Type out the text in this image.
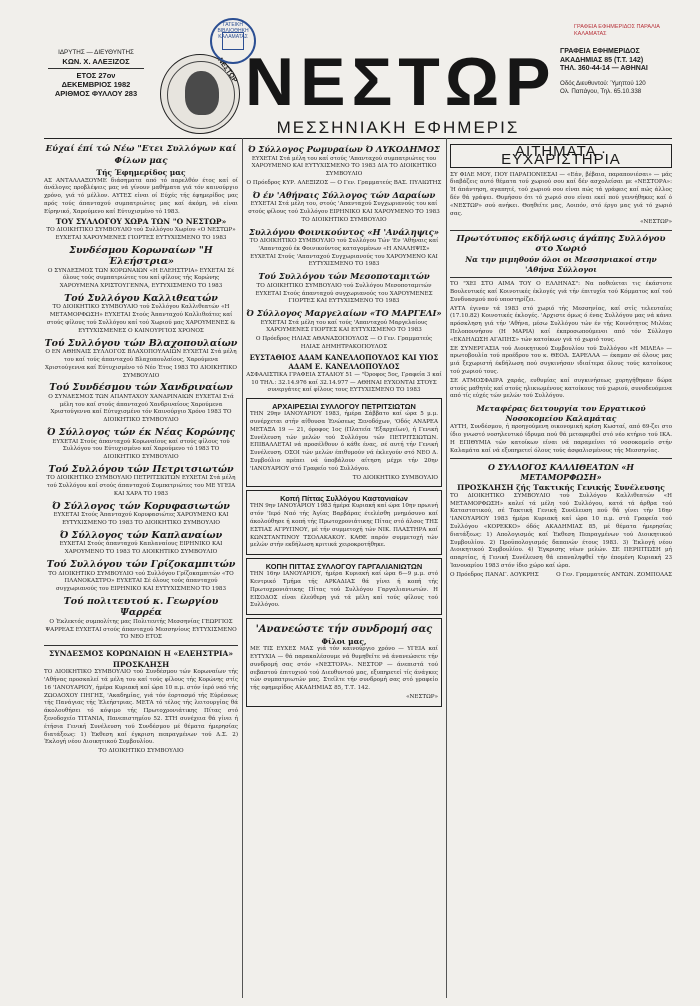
ΙΔΡΥΤΗΣ — ΔΙΕΥΘΥΝΤΗΣ
ΚΩΝ. Χ. ΑΛΕΞΙΖΟΣ
ΕΤΟΣ 27ον
ΔΕΚΕΜΒΡΙΟΣ 1982
ΑΡΙΘΜΟΣ ΦΥΛΛΟΥ 283
ΝΕΣΤΩΡ
ΓΑΤΕΙΚΗ ΒΙΒΛΙΟΘΗΚΗ ΚΑΛΑΜΑΤΑΣ
ΝΕΣΤΩΡ
ΜΕΣΣΗΝΙΑΚΗ ΕΦΗΜΕΡΙΣ
ΓΡΑΦΕΙΑ ΕΦΗΜΕΡΙΔΟΣ ΠΑΡΑΛΙΑ ΚΑΛΑΜΑΤΑΣ
ΓΡΑΦΕΙΑ ΕΦΗΜΕΡΙΔΟΣ
ΑΚΑΔΗΜΙΑΣ 85 (Τ.Τ. 142)
ΤΗΛ. 360-44-14 — ΑΘΗΝΑΙ
Οδός Διευθυντού: Ύμηττού 120
Ολ. Παπάγου, Τηλ. 65.10.338
Εύχαί έπί τώ Νέω "Ετει Συλλόγων καί Φίλων μας
Τής Έφημερίδος μας

ΑΣ ΑΝΤΑΛΛΑΞΟΥΜΕ διάσηματα από τό παρελθόν έτος καί οί άνάλογες προβλέψεις μας νά γίνουν μαθήματα γιά τόν καινούργιο χρόνο, γιά τό μέλλον. ΑΥΤΕΣ είναι οί Εύχές τής έφημερίδος μας πρός τούς άπανταχού συμπατριώτες μας καί άκόμη, νά είναι Είρηνικό, Χαρούμενο καί Εύτυχισμένο τό 1983.

ΤΟΥ ΣΥΛΛΟΓΟΥ ΧΩΡΑ ΤΩΝ "Ο ΝΕΣΤΩΡ»

ΤΟ ΔΙΟΙΚΗΤΙΚΟ ΣΥΜΒΟΥΛΙΟ τού Συλλόγου Χωρίου «Ο ΝΕΣΤΩΡ» ΕΥΧΕΤΑΙ ΧΑΡΟΥΜΕΝΕΣ ΓΙΟΡΤΕΣ ΕΥΤΥΧΙΣΜΕΝΟ ΤΟ 1983

Συνδέσμου Κορωναίων "Η Έλεήστρια»

Ο ΣΥΝΔΕΣΜΟΣ ΤΩΝ ΚΟΡΩΝΑΙΩΝ «Η ΕΛΕΗΣΤΡΙΑ» ΕΥΧΕΤΑΙ Σέ όλους τούς συμπατριώτες του καί φίλους τής Κορώνης ΧΑΡΟΥΜΕΝΑ ΧΡΙΣΤΟΥΓΕΝΝΑ, ΕΥΤΥΧΙΣΜΕΝΟ ΤΟ 1983

Τού Συλλόγου Καλλιθεατών

ΤΟ ΔΙΟΙΚΗΤΙΚΟ ΣΥΜΒΟΥΛΙΟ τού Συλλόγου Καλλιθεατών «Η ΜΕΤΑΜΟΡΦΩΣΗ» ΕΥΧΕΤΑΙ Στούς Άπανταχού Καλλιθεάτες καί στούς φίλους τού Συλλόγου καί τού Χωριού μας ΧΑΡΟΥΜΕΝΕΣ & ΕΥΤΥΧΙΣΜΕΝΕΣ Ο ΚΑΙΝΟΥΡΓΙΟΣ ΧΡΟΝΟΣ

Τού Συλλόγου τών Βλαχοπουλαίων

Ο ΕΝ ΑΘΗΝΑΙΣ ΣΥΛΛΟΓΟΣ ΒΛΑΧΟΠΟΥΛΑΙΩΝ ΕΥΧΕΤΑΙ Στά μέλη του καί τούς άπανταχού Βλαχοπουλαίους, Χαρούμενα Χριστούγεννα καί Εύτυχισμένο τό Νέο Έτος 1983 ΤΟ ΔΙΟΙΚΗΤΙΚΟ ΣΥΜΒΟΥΛΙΟ

Τού Συνδέσμου τών Χανδριναίων

Ο ΣΥΝΔΕΣΜΟΣ ΤΩΝ ΑΠΑΝΤΑΧΟΥ ΧΑΝΔΡΙΝΑΙΩΝ ΕΥΧΕΤΑΙ Στά μέλη του καί στούς άπανταχού Χανδριναίους Χαρούμενα Χριστούγεννα καί Εύτυχισμένο τόν Καινούργιο Χρόνο 1983 ΤΟ ΔΙΟΙΚΗΤΙΚΟ ΣΥΜΒΟΥΛΙΟ

Ό Σύλλογος τών έκ Νέας Κορώνης

ΕΥΧΕΤΑΙ Στούς άπανταχού Κορωναίους καί στούς φίλους τού Συλλόγου του Εύτυχισμένο καί Χαρούμενο τό 1983 ΤΟ ΔΙΟΙΚΗΤΙΚΟ ΣΥΜΒΟΥΛΙΟ

Τού Συλλόγου τών Πετριτσιωτών

ΤΟ ΔΙΟΙΚΗΤΙΚΟ ΣΥΜΒΟΥΛΙΟ ΠΕΤΡΙΤΣΙΩΤΩΝ ΕΥΧΕΤΑΙ Στά μέλη τού Συλλόγου καί στούς άπανταχού Συμπατριώτες του ΜΕ ΥΓΕΙΑ ΚΑΙ ΧΑΡΑ ΤΟ 1983

Ό Σύλλογος τών Κορυφασιωτών

ΕΥΧΕΤΑΙ Στούς Άπανταχού Κορυφασιώτες ΧΑΡΟΥΜΕΝΟ ΚΑΙ ΕΥΤΥΧΙΣΜΕΝΟ ΤΟ 1983 ΤΟ ΔΙΟΙΚΗΤΙΚΟ ΣΥΜΒΟΥΛΙΟ

Ό Σύλλογος τών Καπλαναίων

ΕΥΧΕΤΑΙ Στούς άπανταχού Καπλαναίους ΕΙΡΗΝΙΚΟ ΚΑΙ ΧΑΡΟΥΜΕΝΟ ΤΟ 1983 ΤΟ ΔΙΟΙΚΗΤΙΚΟ ΣΥΜΒΟΥΛΙΟ

Τού Συλλόγου τών Γρίζοκαμπιτών

ΤΟ ΔΙΟΙΚΗΤΙΚΟ ΣΥΜΒΟΥΛΙΟ τού Συλλόγου Γρίζοκαμπιτών «ΤΟ ΠΛΑΝΟΚΑΣΤΡΟ» ΕΥΧΕΤΑΙ Σέ όλους τούς άπανταχού συγχωριανούς του ΕΙΡΗΝΙΚΟ ΚΑΙ ΕΥΤΥΧΙΣΜΕΝΟ ΤΟ 1983

Τού πολιτευτού κ. Γεωργίου Ψαρρέα

Ο Έκλεκτός συμπολίτης μας Πολιτευτής Μεσσηνίας ΓΕΩΡΓΙΟΣ ΨΑΡΡΕΑΣ ΕΥΧΕΤΑΙ στούς άπανταχού Μεσσηνίους ΕΥΤΥΧΙΣΜΕΝΟ ΤΟ ΝΕΟ ΕΤΟΣ

ΣΥΝΔΕΣΜΟΣ ΚΟΡΩΝΑΙΩΝ Η «ΕΛΕΗΣΤΡΙΑ»
ΠΡΟΣΚΛΗΣΗ

ΤΟ ΔΙΟΙΚΗΤΙΚΟ ΣΥΜΒΟΥΛΙΟ τού Συνδέσμου τών Κορωναίων τής 'Αθήνας προσκαλεί τά μέλη του καί τούς φίλους τής Κορώνης στίς 16 'ΙΑΝΟΥΑΡΙΟΥ, ήμέρα Κυριακή καί ώρα 10 π.μ. στόν ίερό ναό τής ΖΩΟΔΟΧΟΥ ΠΗΓΗΣ, 'Ακαδημίας, γιά τόν έορτασμό τής Εύρέσεως τής Πανάγιας τής Έλεήστριας. ΜΕΤΑ τό τέλος τής λειτουργίας θά άκολουθήσει τό κόψιμο τής Πρωτοχρονιάτικης Πίτας στό ξενοδοχείο ΤΙΤΑΝΙΑ, Πανεπιστημίου 52. ΣΤΗ συνέχεια θά γίνει ή έτήσια Γενική Συνέλευση τού Συνδέσμου μέ θέματα ήμερησίας διατάξεως: 1) Έκθεση καί έγκριση πεπραγμένων τού Δ.Σ. 2) Έκλογή νέου Διοικητικού Συμβουλίου.

ΤΟ ΔΙΟΙΚΗΤΙΚΟ ΣΥΜΒΟΥΛΙΟ

Ό Σύλλογος Ρωμυραίων Ό ΛΥΚΟΔΗΜΟΣ

ΕΥΧΕΤΑΙ Στά μέλη του καί στούς 'Απανταχού συμπατριώτες του ΧΑΡΟΥΜΕΝΟ ΚΑΙ ΕΥΤΥΧΙΣΜΕΝΟ ΤΟ 1983 ΔΙΑ ΤΟ ΔΙΟΙΚΗΤΙΚΟ ΣΥΜΒΟΥΛΙΟ

Ο Πρόεδρος ΚΥΡ. ΑΛΕΞΙΖΟΣ — Ο Γεν. Γραμματεύς ΒΑΣ. ΠΥΛΙΩΤΗΣ

Ό έν 'Αθήναις Σύλλογος τών Δαραίων

ΕΥΧΕΤΑΙ Στά μέλη του, στούς 'Απανταχού Συγχωριανούς του καί στούς φίλους τού Συλλόγου ΕΙΡΗΝΙΚΟ ΚΑΙ ΧΑΡΟΥΜΕΝΟ ΤΟ 1983 ΤΟ ΔΙΟΙΚΗΤΙΚΟ ΣΥΜΒΟΥΛΙΟ

Συλλόγου Φοινικούντος «Η 'Ανάληψις»

ΤΟ ΔΙΟΙΚΗΤΙΚΟ ΣΥΜΒΟΥΛΙΟ τού Συλλόγου Τών 'Εν 'Αθήναις καί 'Απανταχού έκ Φοινικούντος καταγομένων «Η ΑΝΑΛΗΨΙΣ» ΕΥΧΕΤΑΙ Στούς 'Απανταχού Συγχωριανούς του ΧΑΡΟΥΜΕΝΟ ΚΑΙ ΕΥΤΥΧΙΣΜΕΝΟ ΤΟ 1983

Τού Συλλόγου τών Μεσοποταμιτών

ΤΟ ΔΙΟΙΚΗΤΙΚΟ ΣΥΜΒΟΥΛΙΟ τού Συλλόγου Μεσοποταμιτών ΕΥΧΕΤΑΙ Στούς άπανταχού συγχωριανούς του ΧΑΡΟΥΜΕΝΕΣ ΓΙΟΡΤΕΣ ΚΑΙ ΕΥΤΥΧΙΣΜΕΝΟ ΤΟ 1983

Ό Σύλλογος Μαργελαίων «ΤΟ ΜΑΡΓΕΛΙ»

ΕΥΧΕΤΑΙ Στά μέλη του καί τούς 'Απανταχού Μαργελαίους ΧΑΡΟΥΜΕΝΕΣ ΓΙΟΡΤΕΣ ΚΑΙ ΕΥΤΥΧΙΣΜΕΝΟ ΤΟ 1983

Ο Πρόεδρος ΗΛΙΑΣ ΑΘΑΝΑΣΟΠΟΥΛΟΣ — Ο Γεν. Γραμματεύς ΗΛΙΑΣ ΔΗΜΗΤΡΑΚΟΠΟΥΛΟΣ

ΕΥΣΤΑΘΙΟΣ ΑΔΑΜ ΚΑΝΕΛΛΟΠΟΥΛΟΣ ΚΑΙ ΥΙΟΣ ΑΔΑΜ Ε. ΚΑΝΕΛΛΟΠΟΥΛΟΣ

ΑΣΦΑΛΙΣΤΙΚΑ ΓΡΑΦΕΙΑ ΣΤΑΔΙΟΥ 51 — "Όροφος 5ος, Γραφεία 3 καί 10 ΤΗΛ.: 32.14.976 καί 32.14.977 — ΑΘΗΝΑΙ ΕΥΧΟΝΤΑΙ ΣΤΟΥΣ συνεργάτες καί φίλους τους ΕΥΤΥΧΙΣΜΕΝΟ ΤΟ 1983

ΑΡΧΑΙΡΕΣΙΑΙ ΣΥΛΛΟΓΟΥ ΠΕΤΡΙΤΣΙΩΤΩΝ

ΤΗΝ 29ην ΙΑΝΟΥΑΡΙΟΥ 1983, ήμέρα Σάββατο καί ώρα 5 μ.μ. συνέρχεται στήν αίθουσα Ένώσεως Ξενοδόχων, 'Οδός ΑΝΔΡΕΑ ΜΕΤΑΞΑ 19 — 21, όροφος 1ος (Πλατεία 'Εξαρχείων), ή Γενική Συνέλευση τών μελών τού Συλλόγου τών ΠΕΤΡΙΤΣΙΩΤΩΝ. ΕΠΙΒΑΛΛΕΤΑΙ νά προσέλθουν ό κάθε ένας, σέ αυτή τήν Γενική Συνέλευση. ΟΣΟΙ τών μελών έπιθυμούν νά έκλεγούν στό ΝΕΟ Δ. Συμβούλιο πρέπει νά ύποβάλουν αίτηση μέχρι τήν 20ην 'ΙΑΝΟΥΑΡΙΟΥ στό Γραφείο τού Συλλόγου.

ΤΟ ΔΙΟΙΚΗΤΙΚΟ ΣΥΜΒΟΥΛΙΟ

Κοπή Πίττας Συλλόγου Καστανιαίων

ΤΗΝ 9ην ΙΑΝΟΥΑΡΙΟΥ 1983 ήμέρα Κυριακή καί ώρα 10ην πρωινή στόν 'Ιερό Ναό τής Άγίας Βαρβάρας έτελέσθη μνημόσυνο καί άκολούθησε ή κοπή τής Πρωτοχρονιάτικης Πίτας στό άλσος ΤΗΣ ΕΣΤΙΑΣ ΑΓΡΥΠΝΟΥ, μέ τήν συμμετοχή τών ΝΙΚ. ΠΛΑΣΤΗΡΑ καί ΚΩΝΣΤΑΝΤΙΝΟΥ ΤΣΟΛΑΚΑΚΟΥ. ΚΑΘΕ παρόν συμμετοχή τών μελών στήν εκδήλωση κριτικά χειροκροτήθηκε.

ΚΟΠΗ ΠΙΤΤΑΣ ΣΥΛΛΟΓΟΥ ΓΑΡΓΑΛΙΑΝΙΩΤΩΝ

ΤΗΝ 16ην ΙΑΝΟΥΑΡΙΟΥ, ήμέρα Κυριακή καί ώρα 6—9 μ.μ. στό Κεντρικό Τμήμα τής ΑΡΚΑΔΙΑΣ θά γίνει ή κοπή τής Πρωτοχρονιάτικης Πίτας τού Συλλόγου Γαργαλιανιωτών. Η ΕΙΣΟΔΟΣ είναι έλεύθερη γιά τά μέλη καί τούς φίλους τού Συλλόγου.

'Ανανεώστε τήν συνδρομή σας
Φίλοι μας,

ΜΕ ΤΙΣ ΕΥΧΕΣ ΜΑΣ γιά τόν καινούργιο χρόνο — ΥΓΕΙΑ καί ΕΥΤΥΧΙΑ — θά παρακαλέσουμε νά θυμηθείτε νά άνανεώσετε τήν συνδρομή σας στόν «ΝΕΣΤΟΡΑ». ΝΕΣΤΟΡ — άνεπιστά τού σεβαστού έπιτυχιού τού Διευθυντού μας, εξυπηρετεί τίς άνάγκες τών συμπατριωτών μας. Στείλτε τήν συνδρομή σας στό γραφείο τής εφημερίδος ΑΚΑΔΗΜΙΑΣ 85, Τ.Τ. 142.

«ΝΕΣΤΩΡ»

ΑΙΤΗΜΑΤΑ · ΕΥΧΑΡΙΣΤΗΡΙΑ

ΣΥ ΦΙΛΕ ΜΟΥ, ΠΟΥ ΠΑΡΑΠΟΝΙΕΣΑΙ — «Εάν, βέβαια, παραπονιέσαι» — μάς διαβάζεις αυτό θέματα τού χωριού σου καί δέν ασχολείσαι με «ΝΕΣΤΟΡΑ»: Ή άπάντηση, αγαπητέ, τού χωριού σου είναι πώς τά γράφεις καί πώς άλλος δέν θά γράψει. Θυμήσου ότι τό χωριό σου είναι εκεί πού γεννήθηκες καί ό «ΝΕΣΤΩΡ» σού ανήκει. Θοηθείτε μας, Λοιπόν, στό έργο μας γιά τό χωριό σας.

«ΝΕΣΤΩΡ»

Πρωτότυπος εκδήλωσις άγάπης Συλλόγου στο Χωριό
Να την μιμηθούν όλοι οι Μεσσηνιακοί στην 'Αθήνα Σύλλογοι

ΤΟ "ΧΕΙ ΣΤΟ ΑΙΜΑ ΤΟΥ Ο ΕΛΛΗΝΑΣ": Να ποθεύεται τις έκάστοτε Βουλευτικές καί Κοινοτικές έκλογές γιά τήν έπιτυχία τού Κόμματος καί τού Συνδυασμού πού υποστηρίζει.

ΑΥΤΑ έγιναν τά 1983 στό χωριό τής Μεσσηνίας, καί στίς τελευταίες (17.10.82) Κοινοτικές έκλογές. 'Αρχιστε όμως ό ένας Συλλόγου μας νά κάνει πρόσκληση γιά τήν 'Αθήνα, μέσω Συλλόγου τών έν τής Κοινότητος Μιλέας Πελοποννήσου (Η ΜΑΡΙΑ) καί έκπροσωπούμενοι από τόν Σύλλογο «ΕΚΔΗΛΩΣΗ ΑΓΑΠΗΣ» τών κατοίκων γιά τό χωριό τους.

ΣΕ ΣΥΝΕΡΓΑΣΙΑ τού Διοικητικού Συμβουλίου τού Συλλόγου «Η ΜΙΛΕΑ» — πρωτοβουλία τού προέδρου του κ. ΘΕΟΔ. ΣΑΡΕΛΛΑ — έκαμαν σέ όλους μας μιά ξεχωριστή έκδήλωση πού συγκινήσαν ιδιαίτερα όλους τούς κατοίκους τού χωριού τους.

ΣΕ ΑΤΜΟΣΦΑΙΡΑ χαράς, ευθυμίας καί συγκινήσεως χορηγήθηκαν δώρα στούς μαθητές καί στούς ηλικιωμένους κατοίκους τού χωριού, συνοδευόμενα από τίς εύχές τών μελών τού Συλλόγου.

Μεταφέρας δειτουργία του Εργατικού Νοσοκομείου Καλαμάτας

ΑΥΤΗ, Συνδέσμου, ή προηγούμενη οικονομική κρίση Κωσταί, από 69-ζει στο ίδιο γνωστό νοσηλευτικό ίδρυμα πού θά μεταφερθεί στό νέο κτήριο τού ΙΚΑ. Η ΕΠΙΘΥΜΙΑ τών κατοίκων είναι νά παραμείνει τό νοσοκομείο στήν Καλαμάτα καί νά εξυπηρετεί όλους τούς άσφαλισμένους τής Μεσσηνίας.

Ο ΣΥΛΛΟΓΟΣ ΚΑΛΛΙΘΕΑΤΩΝ «Η ΜΕΤΑΜΟΡΦΩΣΗ»
ΠΡΟΣΚΛΗΣΗ ζής Τακτικής Γενικής Συνέλευσης

ΤΟ ΔΙΟΙΚΗΤΙΚΟ ΣΥΜΒΟΥΛΙΟ τού Συλλόγου Καλλιθεατών «Η ΜΕΤΑΜΟΡΦΩΣΗ» καλεί τά μέλη τού Συλλόγου, κατά τά άρθρα τού Καταστατικού, σέ Τακτική Γενική Συνέλευση πού θά γίνει τήν 16ην 'ΙΑΝΟΥΑΡΙΟΥ 1983 ήμέρα Κυριακή καί ώρα 10 π.μ. στά Γραφεία τού Συλλόγου «ΚΟΡΕΚΚΟ» όδός ΑΚΑΔΗΜΙΑΣ 85, μέ θέματα ήμερησίας διατάξεως: 1) Απολογισμός καί Έκθεση Πεπραγμένων τού Διοικητικού Συμβουλίου. 2) Προϋπολογισμός δαπανών έτους 1983. 3) Έκλογή νέου Διοικητικού Συμβουλίου. 4) Έγκρισης νέων μελών. ΣΕ ΠΕΡΙΠΤΩΣΗ μή απαρτίας, ή Γενική Συνέλευση θά επαναληφθεί τήν έπομένη Κυριακή 23 Ίανουαρίου 1983 στόν ίδιο χώρο καί ώρα.

Ο Πρόεδρος ΠΑΝΑΓ. ΔΟΥΚΡΗΣ	Ο Γεν. Γραμματεύς ΑΝΤΩΝ. ΖΟΜΠΟΛΑΣ
